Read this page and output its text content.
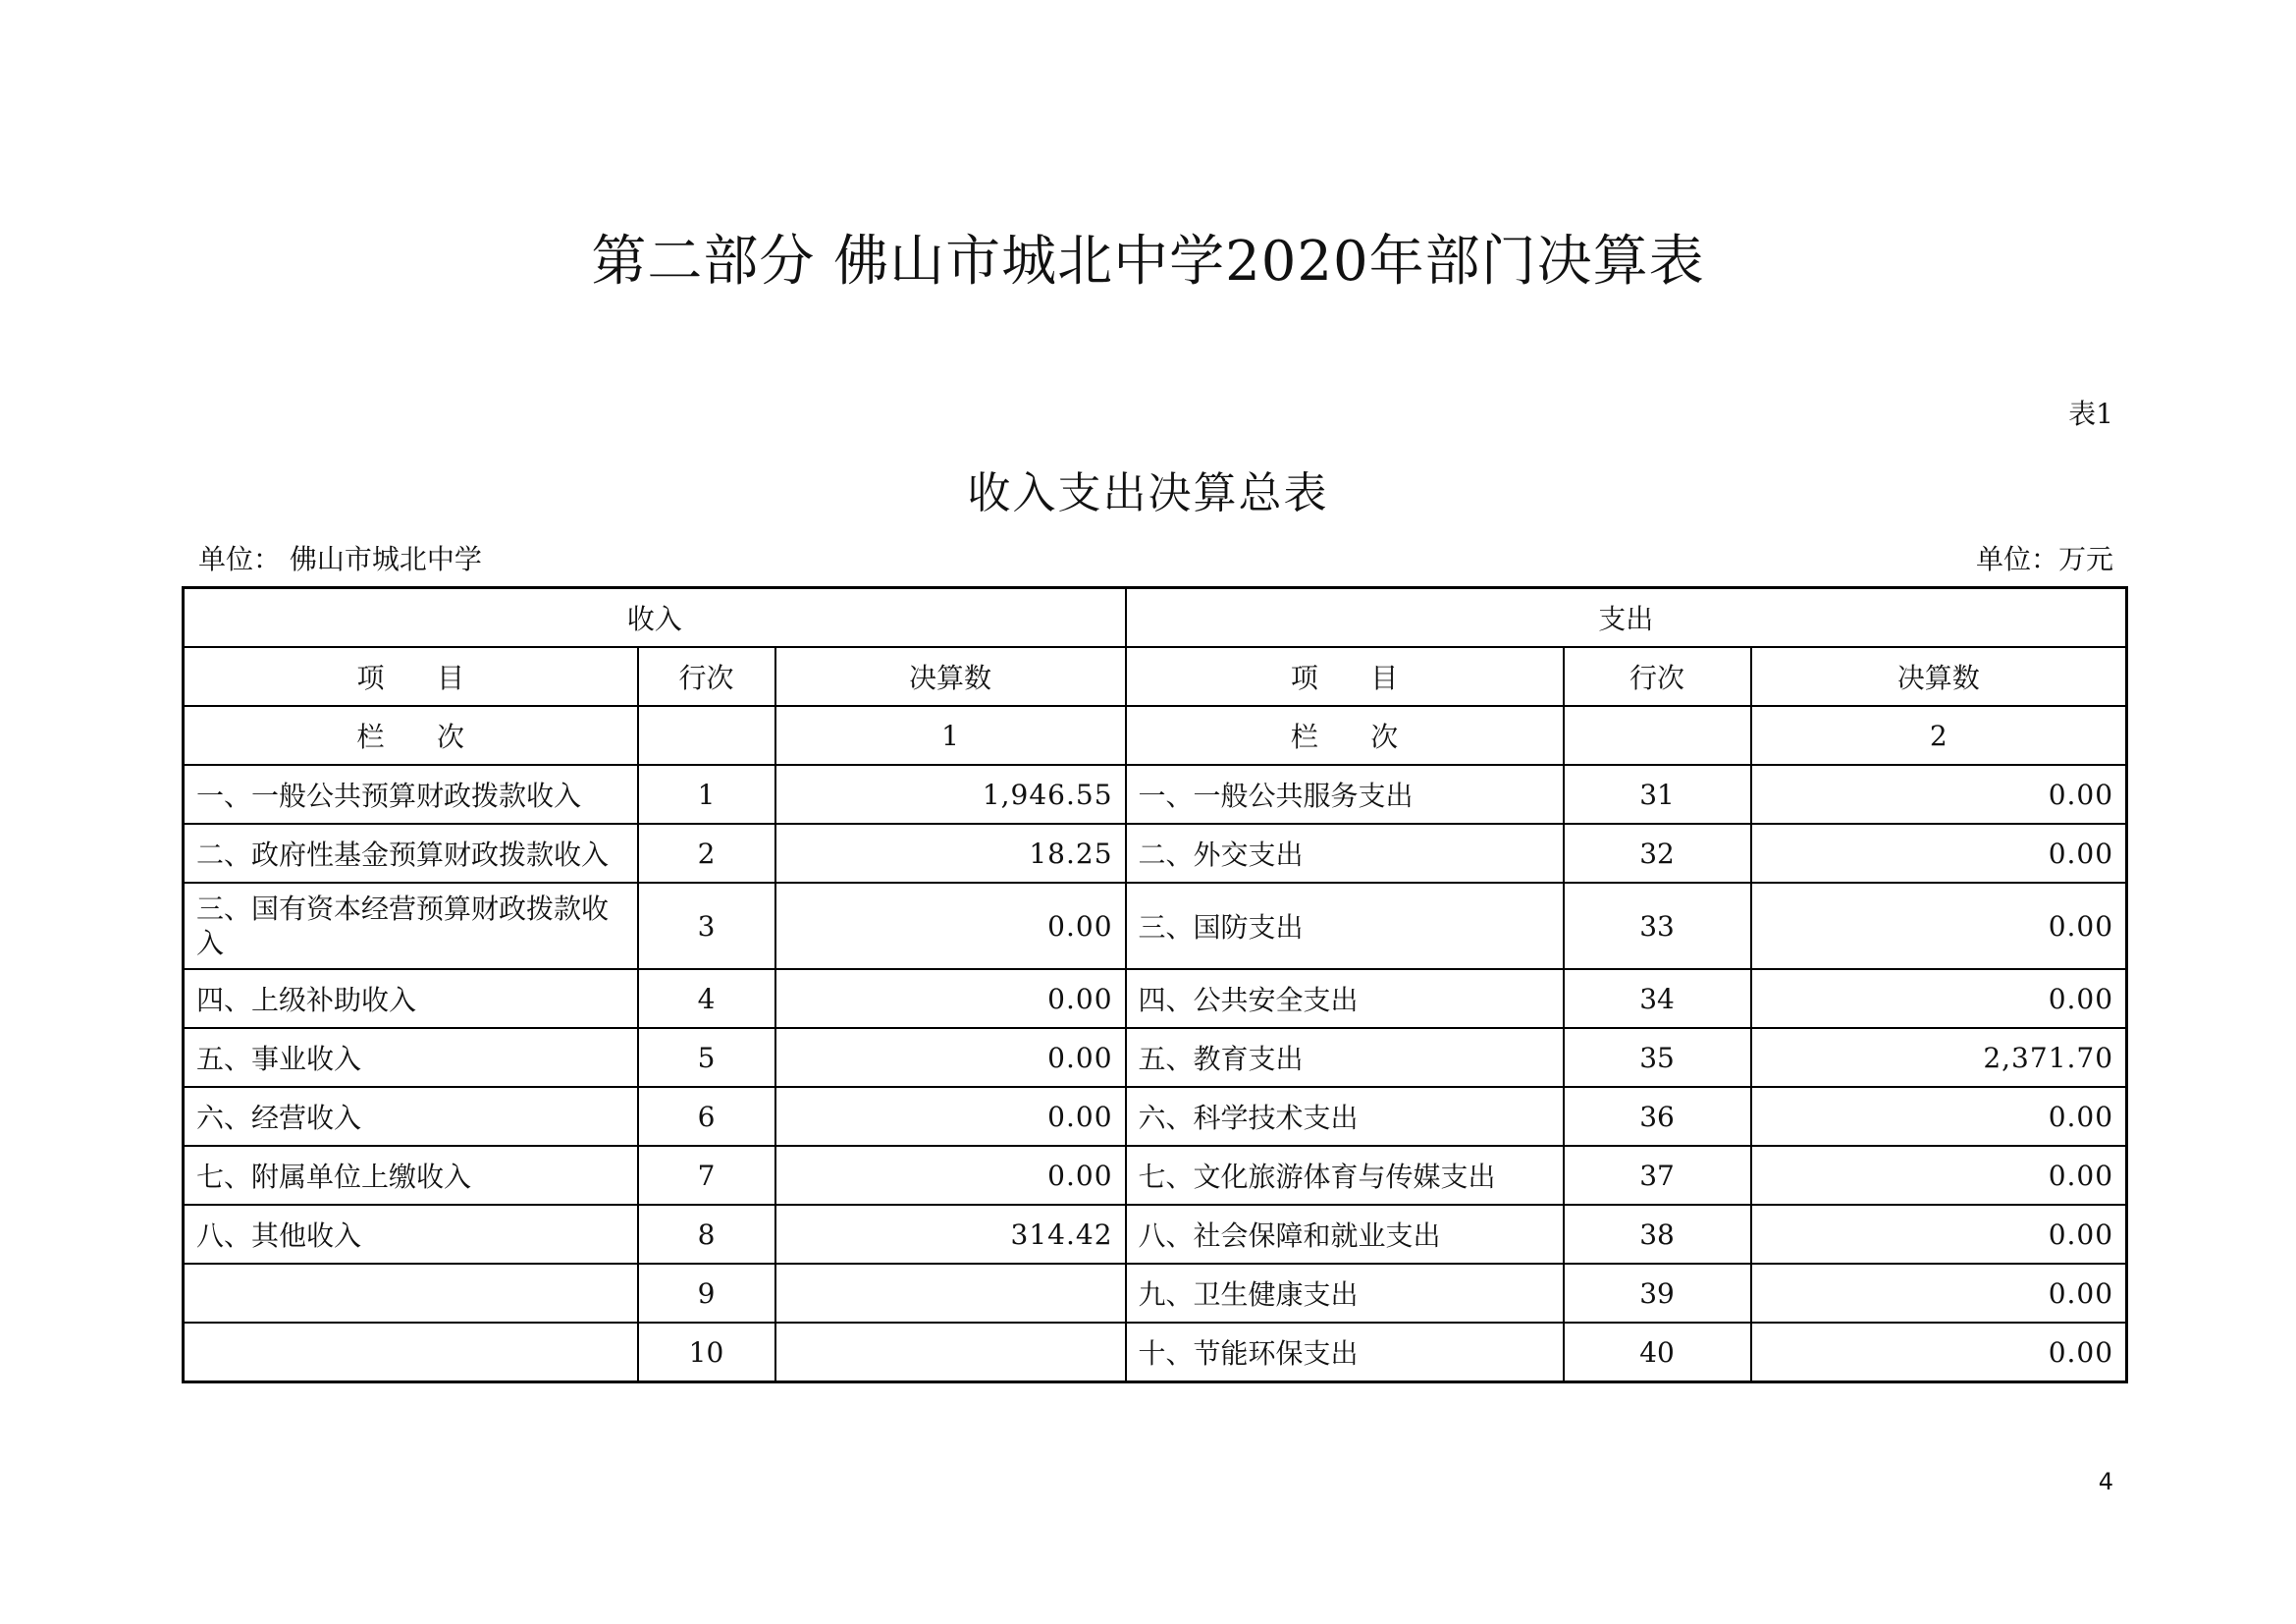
第二部分 佛山市城北中学2020年部门决算表
表1
收入支出决算总表
单位： 佛山市城北中学	单位：万元
收入			支出		
项      目	行次	决算数	项      目	行次	决算数
栏      次		1	栏      次		2
一、一般公共预算财政拨款收入	1	1,946.55	一、一般公共服务支出	31	0.00
二、政府性基金预算财政拨款收入	2	18.25	二、外交支出	32	0.00
三、国有资本经营预算财政拨款收入	3	0.00	三、国防支出	33	0.00
四、上级补助收入	4	0.00	四、公共安全支出	34	0.00
五、事业收入	5	0.00	五、教育支出	35	2,371.70
六、经营收入	6	0.00	六、科学技术支出	36	0.00
七、附属单位上缴收入	7	0.00	七、文化旅游体育与传媒支出	37	0.00
八、其他收入	8	314.42	八、社会保障和就业支出	38	0.00
	9		九、卫生健康支出	39	0.00
	10		十、节能环保支出	40	0.00
4
